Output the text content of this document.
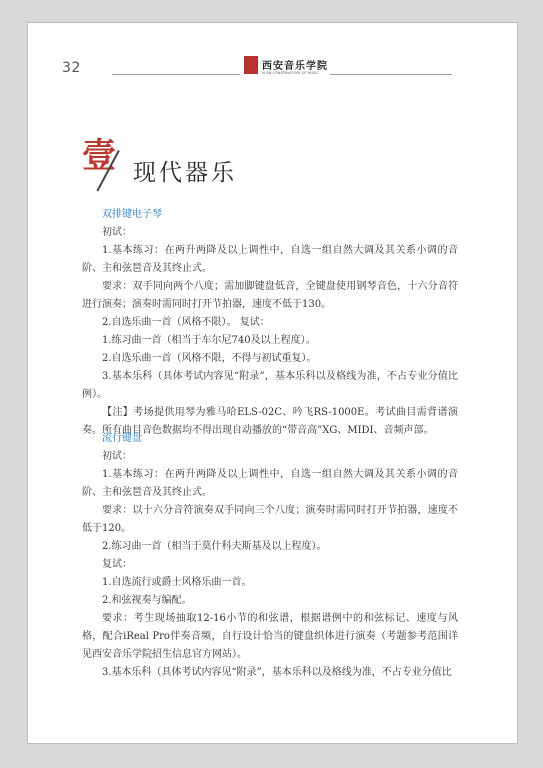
32	西安音乐学院
XI'AN CONSERVATORY OF MUSIC
壹 现代器乐

双排键电子琴

初试：

1.基本练习：在两升两降及以上调性中，自选一组自然大调及其关系小调的音阶、主和弦琶音及其终止式。

要求：双手同向两个八度；需加脚键盘低音，全键盘使用钢琴音色，十六分音符进行演奏；演奏时需同时打开节拍器，速度不低于130。

2.自选乐曲一首（风格不限）。 复试：

1.练习曲一首（相当于车尔尼740及以上程度）。

2.自选乐曲一首（风格不限，不得与初试重复）。

3.基本乐科（具体考试内容见“附录”，基本乐科以及格线为准，不占专业分值比例）。

【注】考场提供用琴为雅马哈ELS-02C、吟飞RS-1000E。考试曲目需背谱演奏。所有曲目音色数据均不得出现自动播放的“带音高”XG、MIDI、音频声部。

流行键盘

初试：

1.基本练习：在两升两降及以上调性中，自选一组自然大调及其关系小调的音阶、主和弦琶音及其终止式。

要求：以十六分音符演奏双手同向三个八度；演奏时需同时打开节拍器，速度不低于120。

2.练习曲一首（相当于莫什科夫斯基及以上程度）。

复试：

1.自选流行或爵士风格乐曲一首。

2.和弦视奏与编配。

要求：考生现场抽取12-16小节的和弦谱，根据谱例中的和弦标记、速度与风格，配合iReal Pro伴奏音频，自行设计恰当的键盘织体进行演奏（考题参考范围详见西安音乐学院招生信息官方网站）。

3.基本乐科（具体考试内容见“附录”，基本乐科以及格线为准，不占专业分值比
